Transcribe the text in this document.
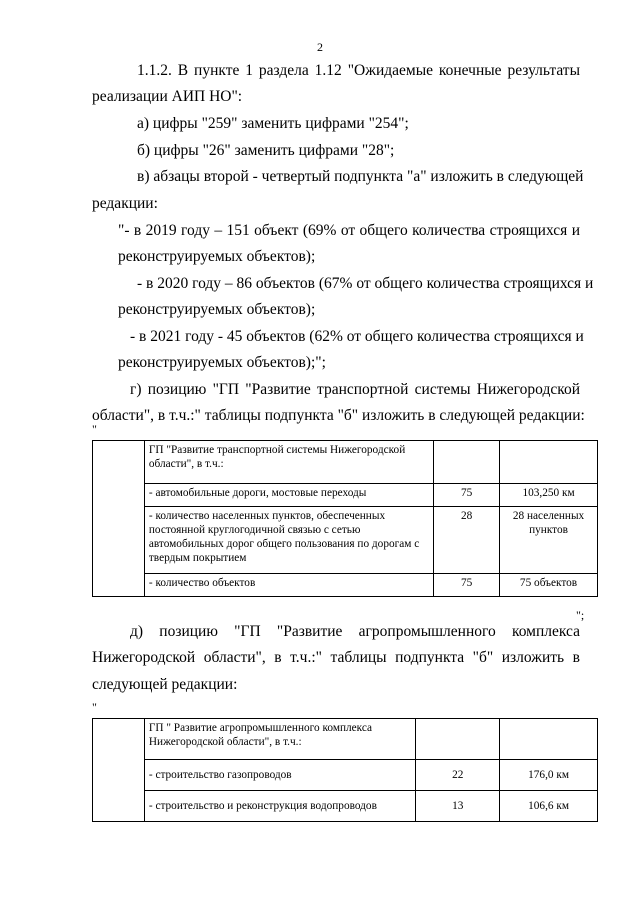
2
1.1.2. В пункте 1 раздела 1.12 "Ожидаемые конечные результаты
реализации АИП НО":
а) цифры "259" заменить цифрами "254";
б) цифры "26" заменить цифрами "28";
в) абзацы второй - четвертый подпункта "а" изложить в следующей
редакции:
"- в 2019 году – 151 объект (69% от общего количества строящихся и
реконструируемых объектов);
- в 2020 году – 86 объектов (67% от общего количества строящихся и
реконструируемых объектов);
- в 2021 году - 45 объектов (62% от общего количества строящихся и
реконструируемых объектов);";
г) позицию "ГП "Развитие транспортной системы Нижегородской
области", в т.ч.:" таблицы подпункта "б" изложить в следующей редакции:
"
	ГП "Развитие транспортной системы Нижегородской области", в т.ч.:		
	- автомобильные дороги, мостовые переходы	75	103,250 км
	- количество населенных пунктов, обеспеченных постоянной круглогодичной связью с сетью автомобильных дорог общего пользования по дорогам с твердым покрытием	28	28 населенных пунктов
	- количество объектов	75	75 объектов
";
д) позицию "ГП "Развитие агропромышленного комплекса
Нижегородской области", в т.ч.:" таблицы подпункта "б" изложить в
следующей редакции:
"
	ГП " Развитие агропромышленного комплекса Нижегородской области", в т.ч.:		
	- строительство газопроводов	22	176,0 км
	- строительство и реконструкция водопроводов	13	106,6 км
